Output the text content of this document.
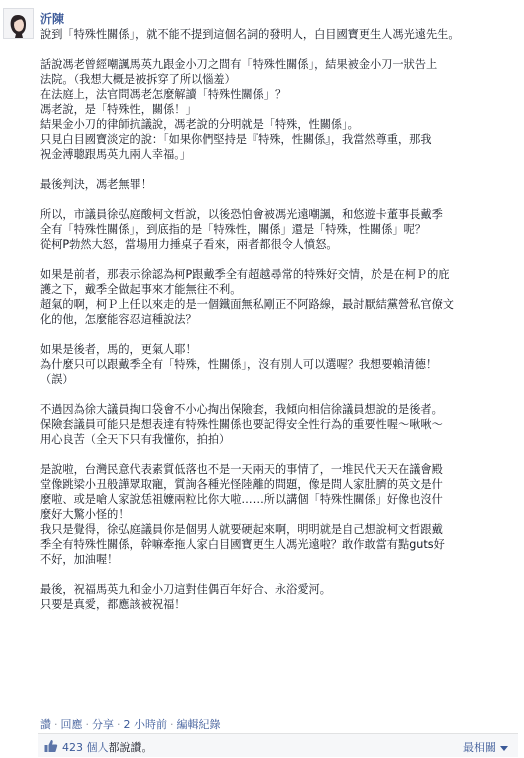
沂陳

說到「特殊性關係」，就不能不提到這個名詞的發明人，白目國寶更生人馮光遠先生。

話說馮老曾經嘲諷馬英九跟金小刀之間有「特殊性關係」，結果被金小刀一狀告上
法院。（我想大概是被拆穿了所以惱羞）
在法庭上，法官問馮老怎麼解讀「特殊性關係」？
馮老說，是「特殊性，關係！」
結果金小刀的律師抗議說，馮老說的分明就是「特殊，性關係」。
只見白目國寶淡定的說：「如果你們堅持是『特殊，性關係』，我當然尊重，那我
祝金溥聰跟馬英九兩人幸福。」

最後判決，馮老無罪！

所以，市議員徐弘庭酸柯文哲說，以後恐怕會被馮光遠嘲諷，和悠遊卡董事長戴季
全有「特殊性關係」，到底指的是「特殊性，關係」還是「特殊，性關係」呢？
從柯P勃然大怒，當場用力捶桌子看來，兩者都很令人憤怒。

如果是前者，那表示徐認為柯P跟戴季全有超越尋常的特殊好交情，於是在柯Ｐ的庇
護之下，戴季全做起事來才能無往不利。
超氣的啊，柯Ｐ上任以來走的是一個鐵面無私剛正不阿路線，最討厭結黨營私官僚文
化的他，怎麼能容忍這種說法？

如果是後者，馬的，更氣人耶！
為什麼只可以跟戴季全有「特殊，性關係」，沒有別人可以選喔？我想要賴清德！
（誤）

不過因為徐大議員掏口袋會不小心掏出保險套，我傾向相信徐議員想說的是後者。
保險套議員可能只是想表達有特殊性關係也要記得安全性行為的重要性喔～啾啾～
用心良苦（全天下只有我懂你，拍拍）

是說啦，台灣民意代表素質低落也不是一天兩天的事情了，一堆民代天天在議會殿
堂像跳梁小丑般譁眾取寵，質詢各種光怪陸離的問題，像是問人家肚臍的英文是什
麼啦、或是嗆人家說恁祖嬤兩粒比你大啦……所以講個「特殊性關係」好像也沒什
麼好大驚小怪的！
我只是覺得，徐弘庭議員你是個男人就要硬起來啊，明明就是自己想說柯文哲跟戴
季全有特殊性關係，幹嘛牽拖人家白目國寶更生人馮光遠啦？敢作敢當有點guts好
不好，加油喔！

最後，祝福馬英九和金小刀這對佳偶百年好合、永浴愛河。
只要是真愛，都應該被祝福！

讚 · 回應 · 分享 · 2 小時前 · 編輯紀錄
423 個人都說讚。	最相關
